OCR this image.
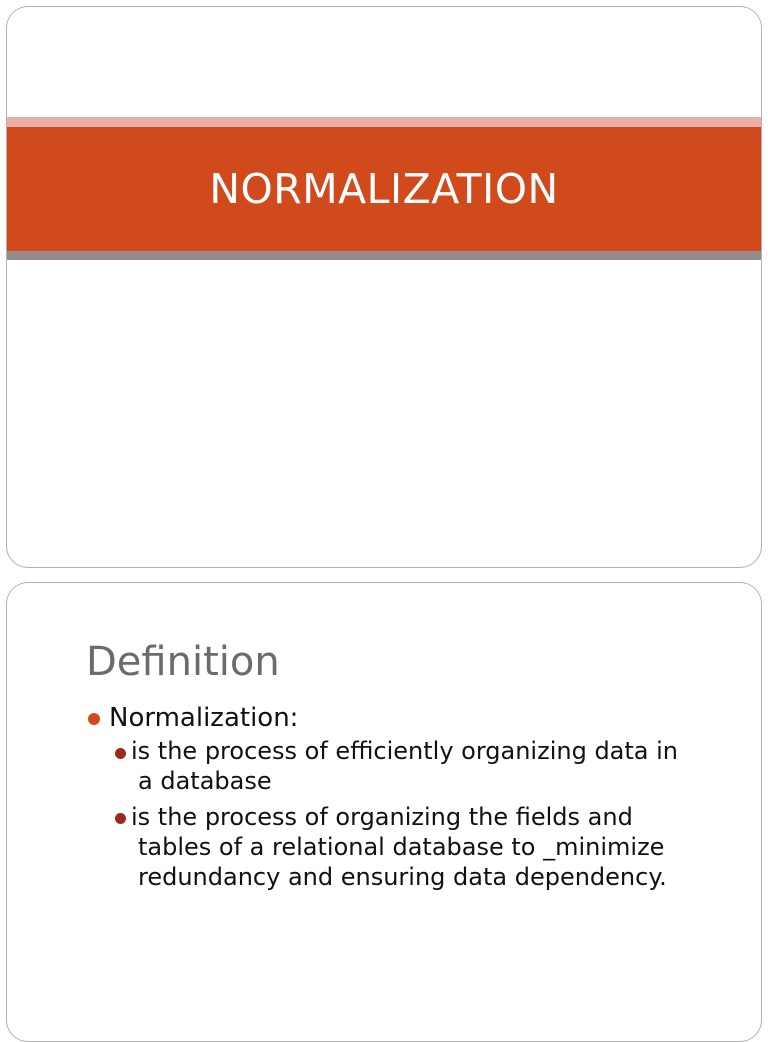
NORMALIZATION
Definition
Normalization:
is the process of efficiently organizing data in
a database
is the process of organizing the fields and
tables of a relational database to _minimize
redundancy and ensuring data dependency.
